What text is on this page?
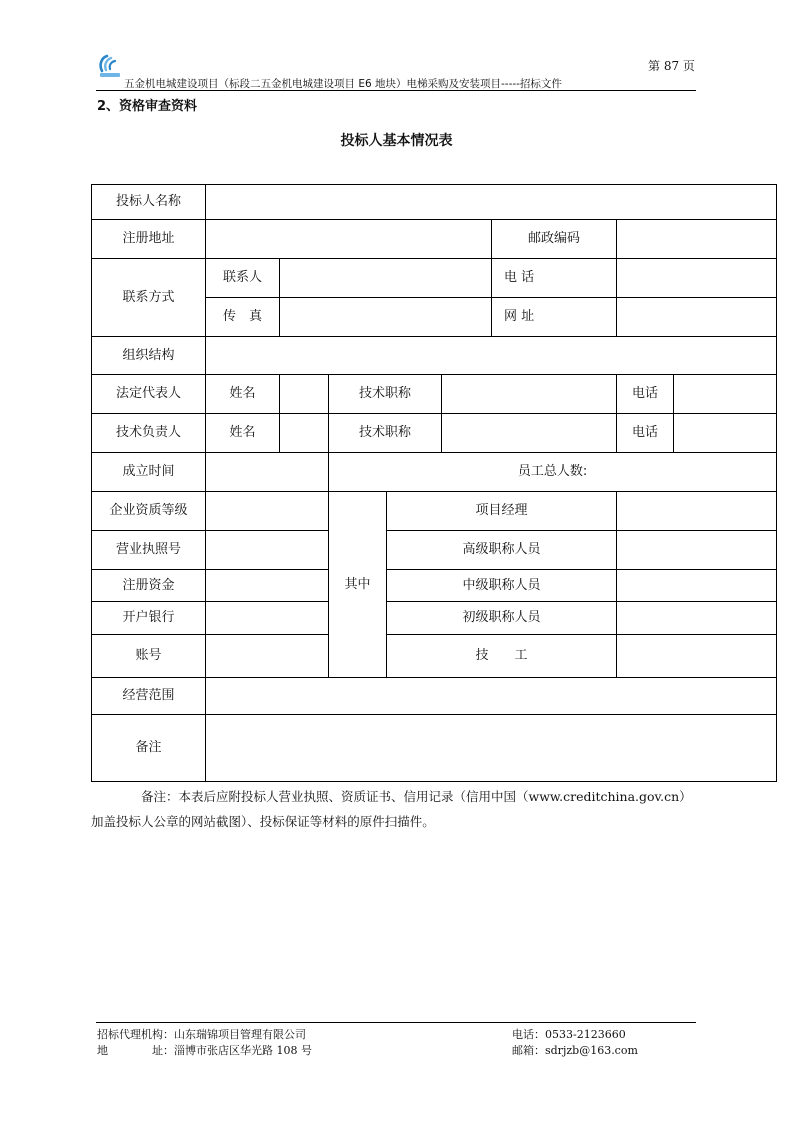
第 87 页
五金机电城建设项目（标段二五金机电城建设项目 E6 地块）电梯采购及安装项目-----招标文件
2、资格审查资料
投标人基本情况表
投标人名称								
注册地址						邮政编码		
联系方式	联系人					电 话		
	传　真					网 址		
组织结构								
法定代表人	姓名		技术职称				电话	
技术负责人	姓名		技术职称				电话	
成立时间			员工总人数:					
企业资质等级			其中	项目经理				
营业执照号				高级职称人员				
注册资金				中级职称人员				
开户银行				初级职称人员				
账号				技　　工				
经营范围								
备注								
备注：本表后应附投标人营业执照、资质证书、信用记录（信用中国（www.creditchina.gov.cn）加盖投标人公章的网站截图）、投标保证等材料的原件扫描件。
招标代理机构：山东瑞锦项目管理有限公司
地	址：淄博市张店区华光路 108 号
电话：0533-2123660
邮箱：sdrjzb@163.com
